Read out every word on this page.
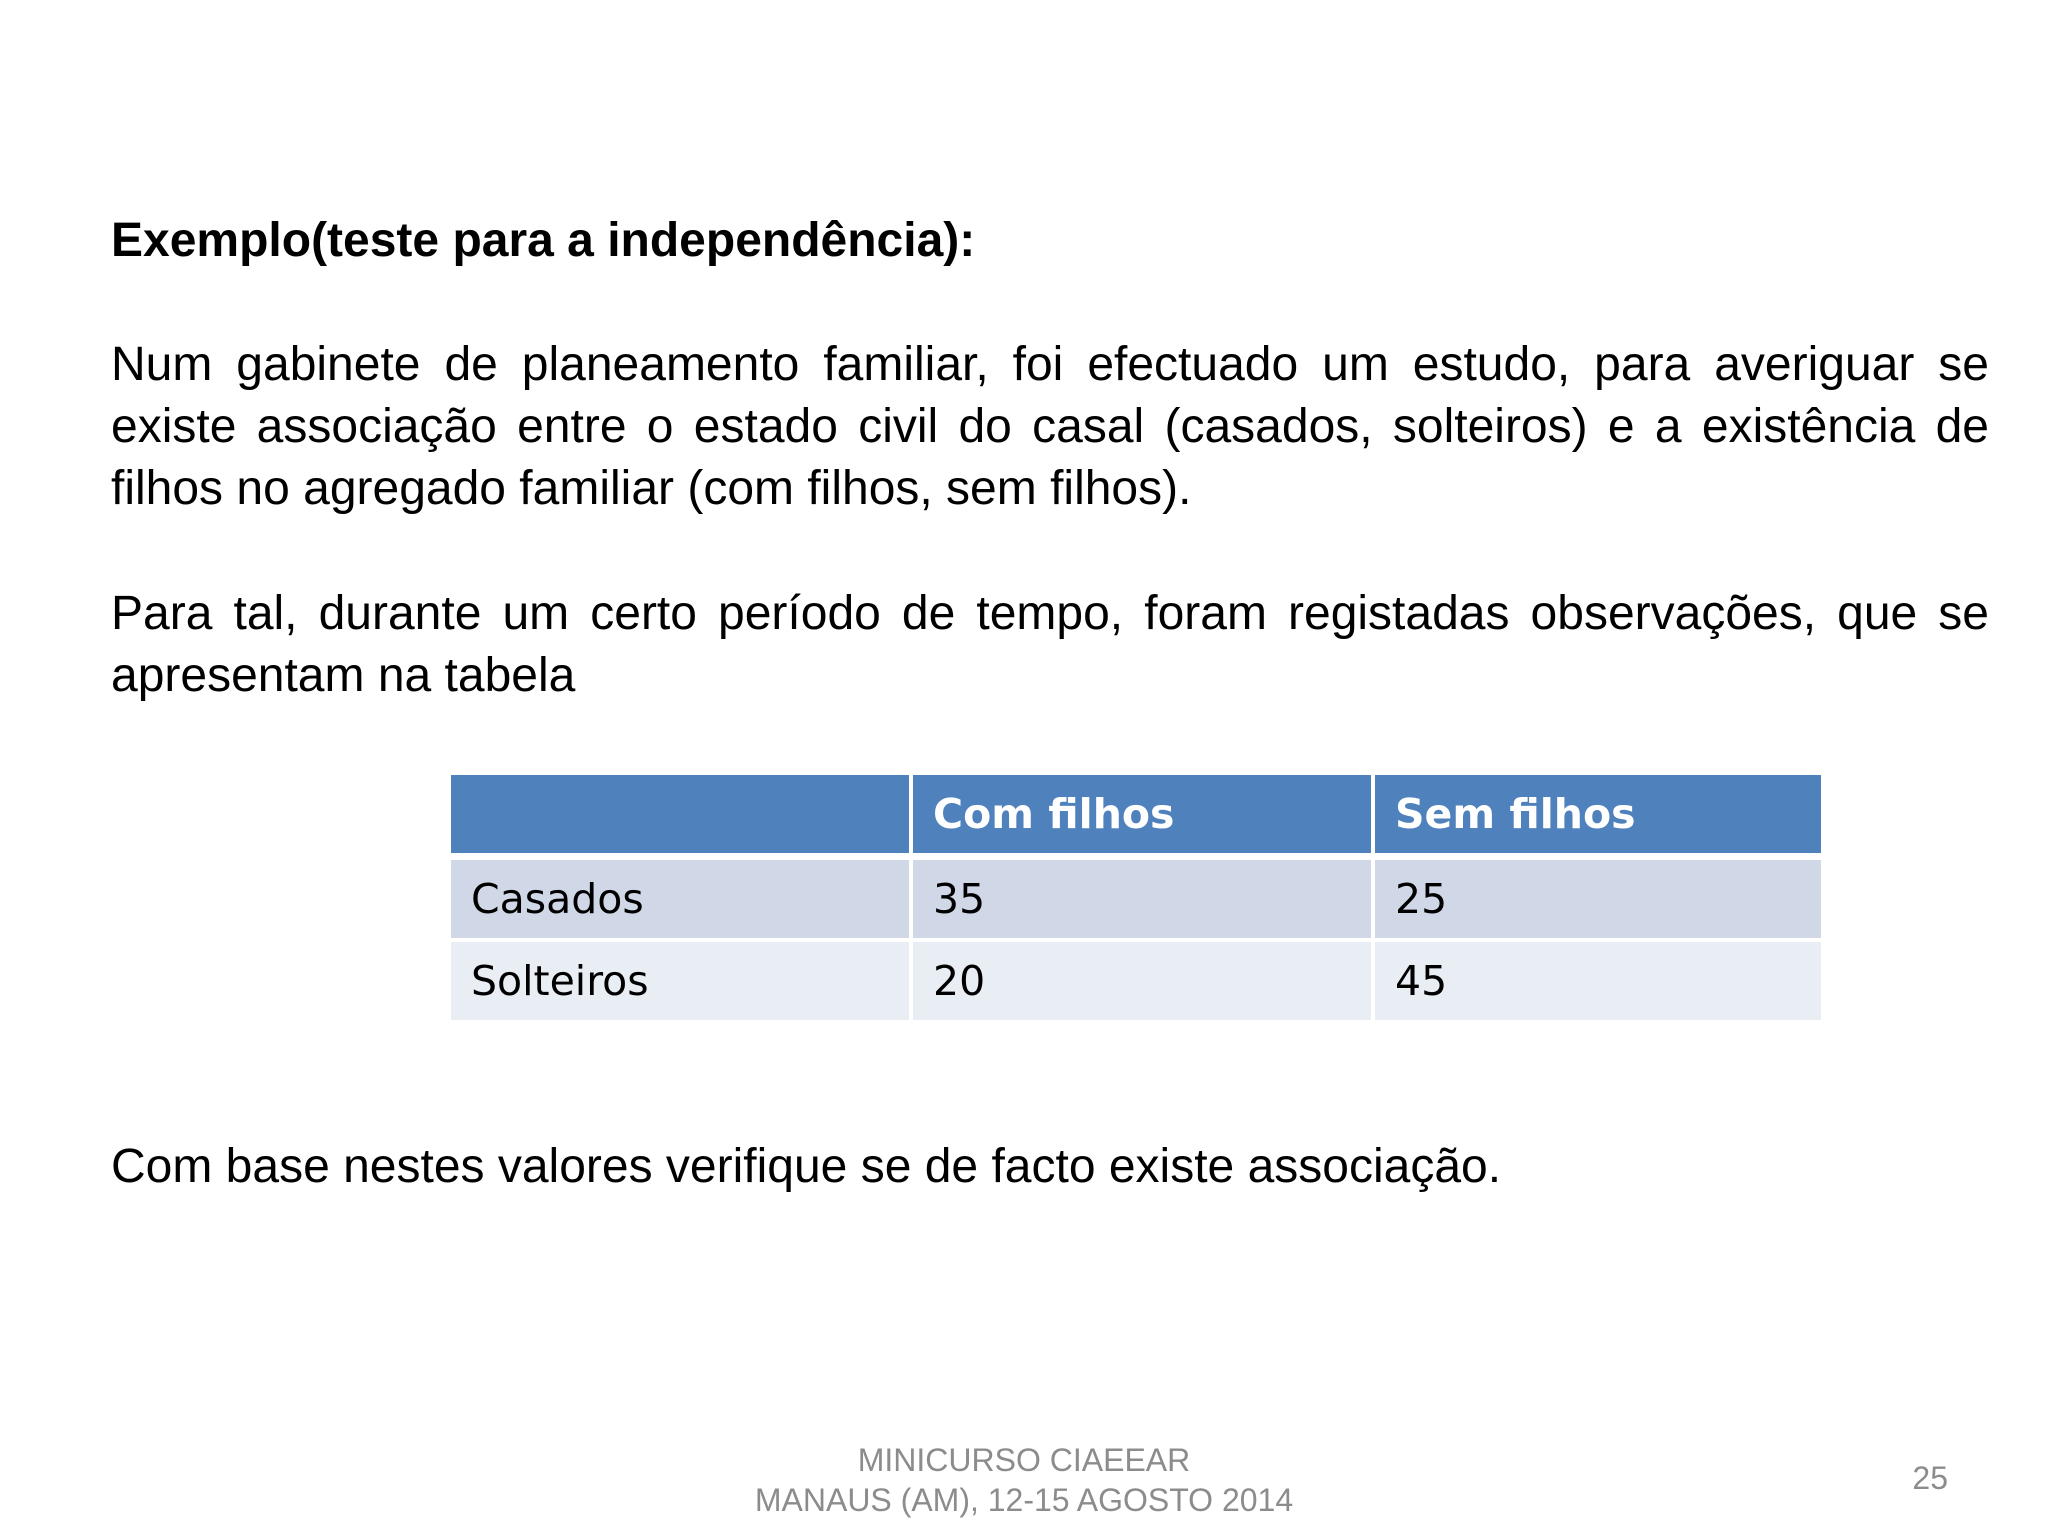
Exemplo(teste para a independência):

Num gabinete de planeamento familiar, foi efectuado um estudo, para averiguar se existe associação entre o estado civil do casal (casados, solteiros) e a existência de filhos no agregado familiar (com filhos, sem filhos).

Para tal, durante um certo período de tempo, foram registadas observações, que se apresentam na tabela

	Com filhos	Sem filhos
Casados	35	25
Solteiros	20	45

Com base nestes valores verifique se de facto existe associação.

MINICURSO CIAEEAR
MANAUS (AM), 12-15 AGOSTO 2014
25
